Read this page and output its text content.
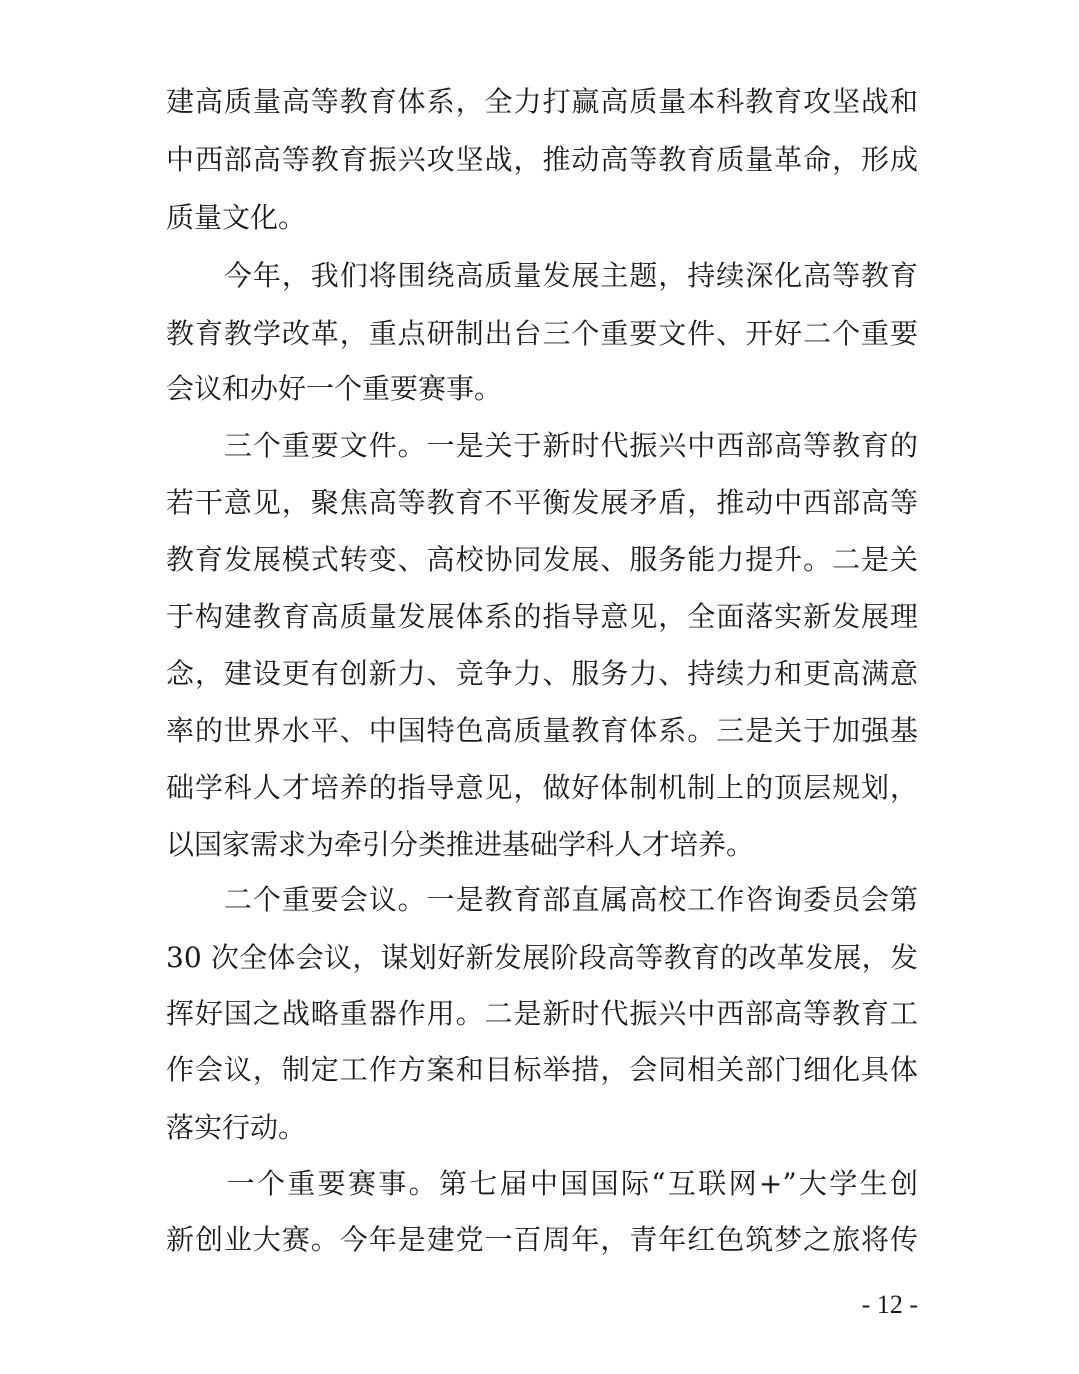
建高质量高等教育体系，全力打赢高质量本科教育攻坚战和
中西部高等教育振兴攻坚战，推动高等教育质量革命，形成
质量文化。
　　今年，我们将围绕高质量发展主题，持续深化高等教育
教育教学改革，重点研制出台三个重要文件、开好二个重要
会议和办好一个重要赛事。
　　三个重要文件。一是关于新时代振兴中西部高等教育的
若干意见，聚焦高等教育不平衡发展矛盾，推动中西部高等
教育发展模式转变、高校协同发展、服务能力提升。二是关
于构建教育高质量发展体系的指导意见，全面落实新发展理
念，建设更有创新力、竞争力、服务力、持续力和更高满意
率的世界水平、中国特色高质量教育体系。三是关于加强基
础学科人才培养的指导意见，做好体制机制上的顶层规划，
以国家需求为牵引分类推进基础学科人才培养。
　　二个重要会议。一是教育部直属高校工作咨询委员会第
30 次全体会议，谋划好新发展阶段高等教育的改革发展，发
挥好国之战略重器作用。二是新时代振兴中西部高等教育工
作会议，制定工作方案和目标举措，会同相关部门细化具体
落实行动。
　　一个重要赛事。第七届中国国际“互联网+”大学生创
新创业大赛。今年是建党一百周年，青年红色筑梦之旅将传
- 12 -
